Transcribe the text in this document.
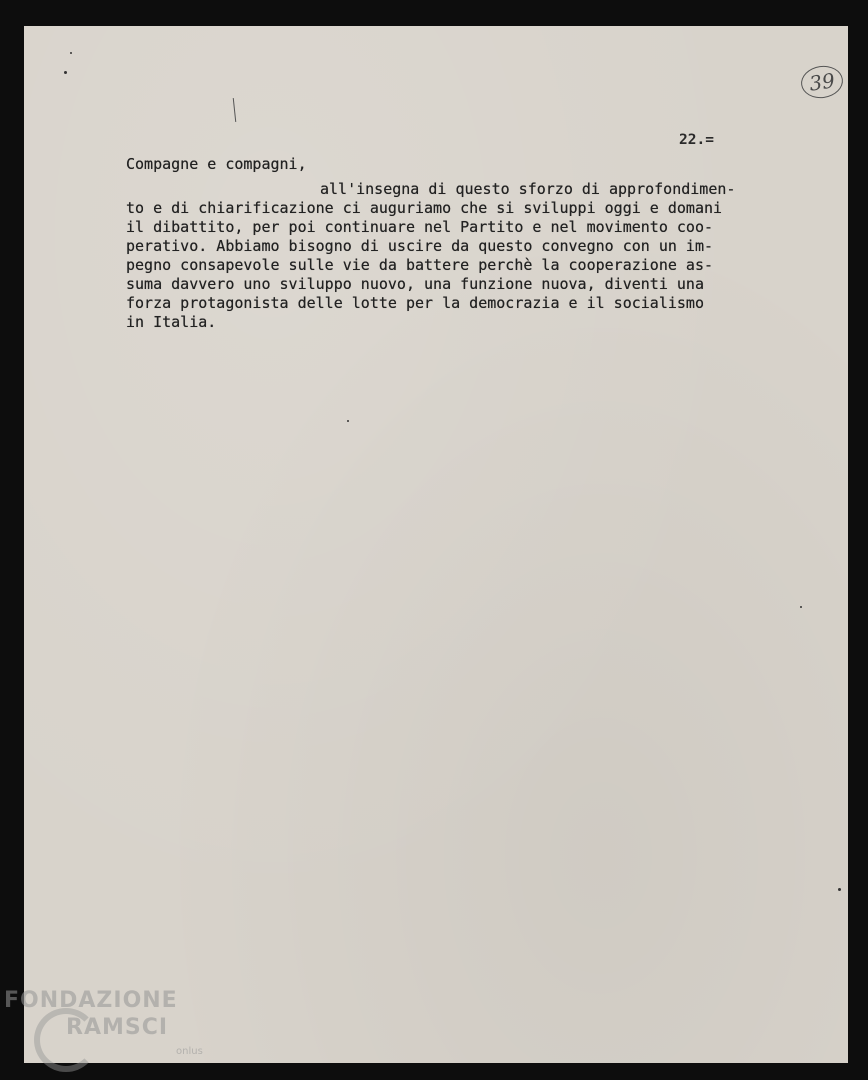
39
22.=
Compagne e compagni,
all'insegna di questo sforzo di approfondimen-
to e di chiarificazione ci auguriamo che si sviluppi oggi e domani
il dibattito, per poi continuare nel Partito e nel movimento coo-
perativo. Abbiamo bisogno di uscire da questo convegno con un im-
pegno consapevole sulle vie da battere perchè la cooperazione as-
suma davvero uno sviluppo nuovo, una funzione nuova, diventi una
forza protagonista delle lotte per la democrazia e il socialismo
in Italia.
FONDAZIONE
RAMSCI
onlus
